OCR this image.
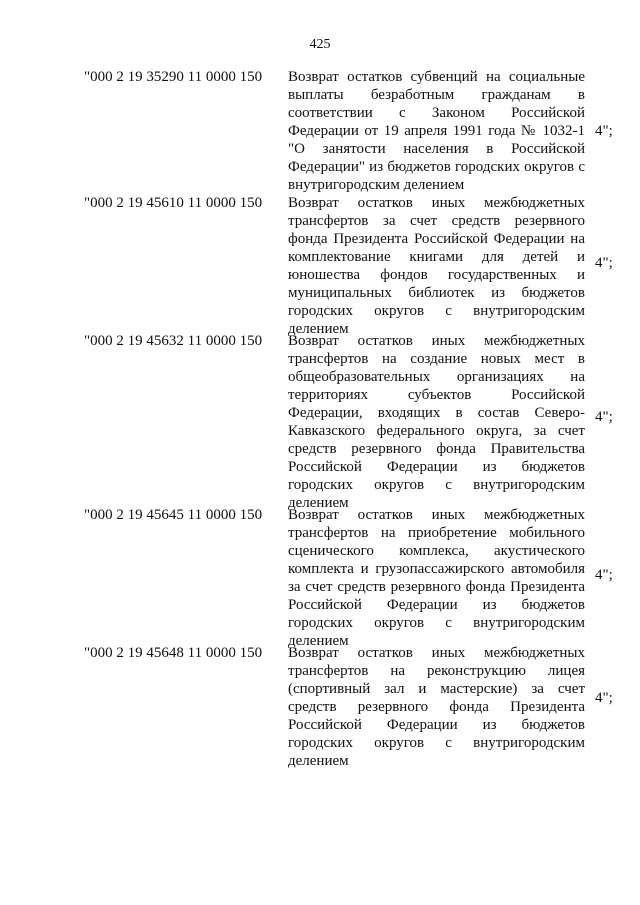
425
"000 2 19 35290 11 0000 150 Возврат остатков субвенций на социальные выплаты безработным гражданам в соответствии с Законом Российской Федерации от 19 апреля 1991 года № 1032-1 "О занятости населения в Российской Федерации" из бюджетов городских округов с внутригородским делением
4";
"000 2 19 45610 11 0000 150 Возврат остатков иных межбюджетных трансфертов за счет средств резервного фонда Президента Российской Федерации на комплектование книгами для детей и юношества фондов государственных и муниципальных библиотек из бюджетов городских округов с внутригородским делением
4";
"000 2 19 45632 11 0000 150 Возврат остатков иных межбюджетных трансфертов на создание новых мест в общеобразовательных организациях на территориях субъектов Российской Федерации, входящих в состав Северо-Кавказского федерального округа, за счет средств резервного фонда Правительства Российской Федерации из бюджетов городских округов с внутригородским делением
4";
"000 2 19 45645 11 0000 150 Возврат остатков иных межбюджетных трансфертов на приобретение мобильного сценического комплекса, акустического комплекта и грузопассажирского автомобиля за счет средств резервного фонда Президента Российской Федерации из бюджетов городских округов с внутригородским делением
4";
"000 2 19 45648 11 0000 150 Возврат остатков иных межбюджетных трансфертов на реконструкцию лицея (спортивный зал и мастерские) за счет средств резервного фонда Президента Российской Федерации из бюджетов городских округов с внутригородским делением
4";
